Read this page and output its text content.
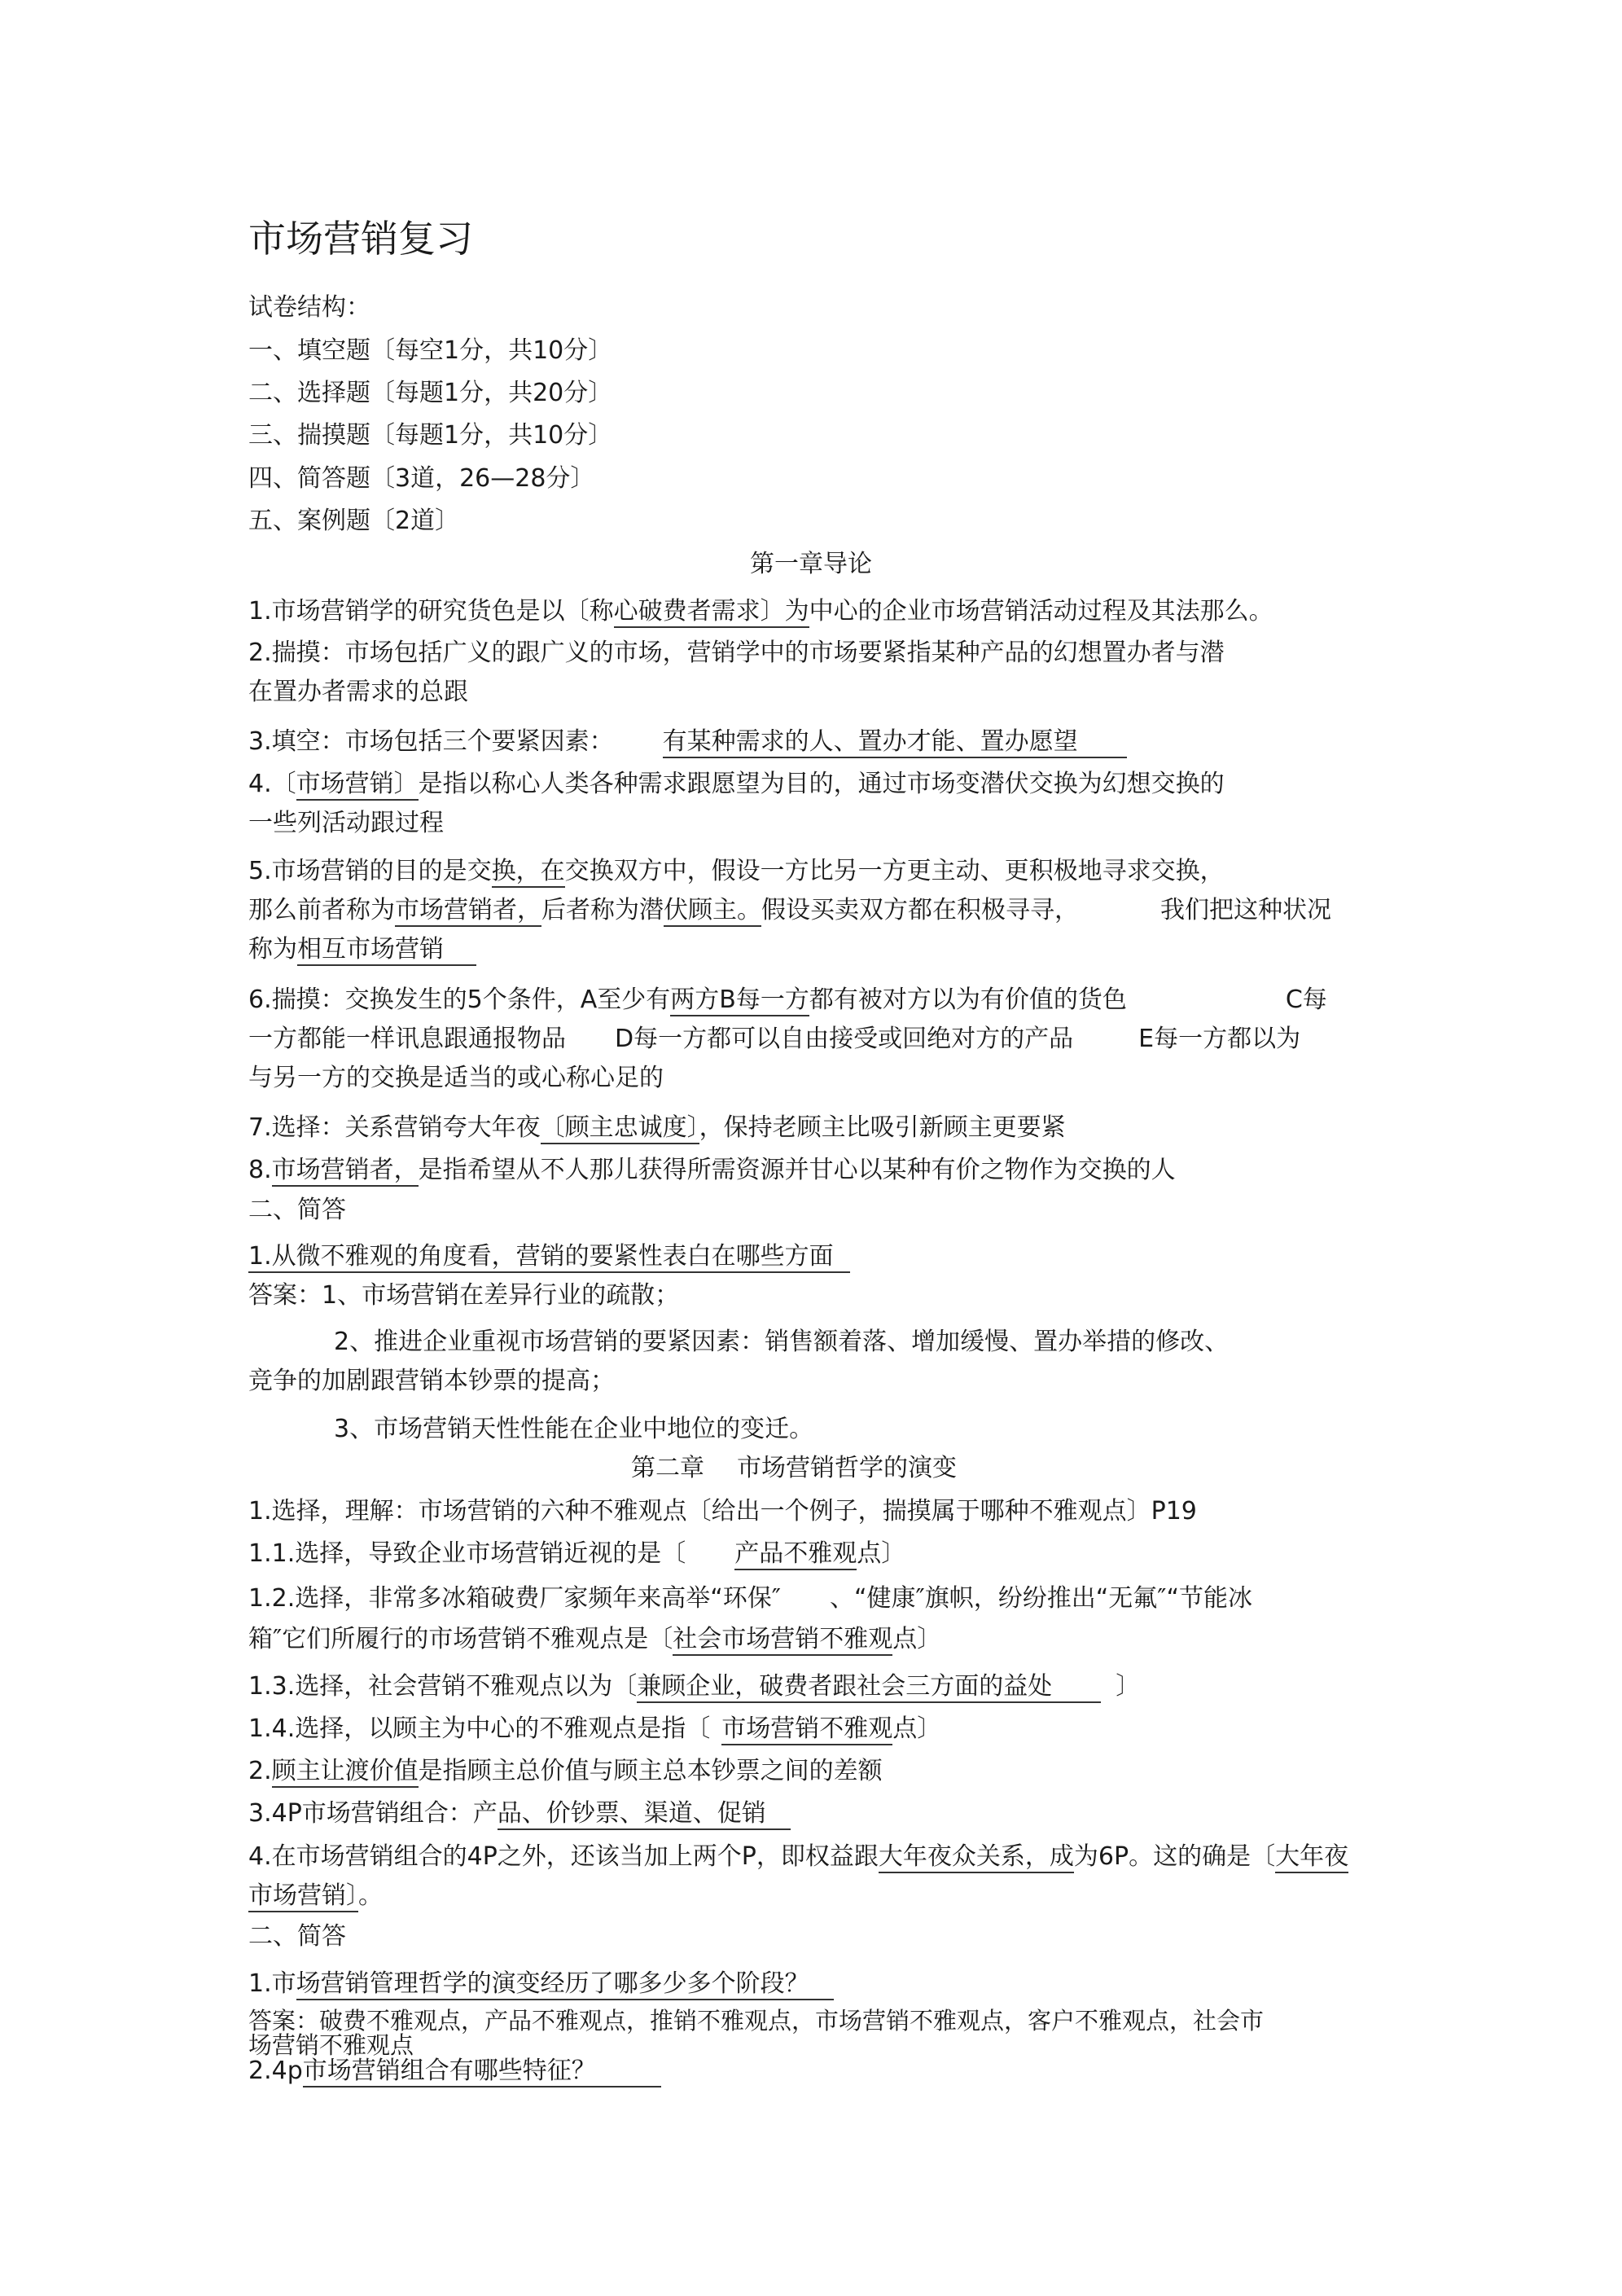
市场营销复习
试卷结构：
一、填空题〔每空1分，共10分〕
二、选择题〔每题1分，共20分〕
三、揣摸题〔每题1分，共10分〕
四、简答题〔3道，26—28分〕
五、案例题〔2道〕
第一章导论
1.市场营销学的研究货色是以〔称心破费者需求〕为中心的企业市场营销活动过程及其法那么。
2.揣摸：市场包括广义的跟广义的市场，营销学中的市场要紧指某种产品的幻想置办者与潜
在置办者需求的总跟
3.填空：市场包括三个要紧因素： 有某种需求的人、置办才能、置办愿望
4.〔市场营销〕是指以称心人类各种需求跟愿望为目的，通过市场变潜伏交换为幻想交换的
一些列活动跟过程
5.市场营销的目的是交换，在交换双方中，假设一方比另一方更主动、更积极地寻求交换，
那么前者称为市场营销者，后者称为潜伏顾主。假设买卖双方都在积极寻寻，	我们把这种状况
称为相互市场营销
6.揣摸：交换发生的5个条件，A至少有两方B每一方都有被对方以为有价值的货色	C每
一方都能一样讯息跟通报物品 D每一方都可以自由接受或回绝对方的产品	E每一方都以为
与另一方的交换是适当的或心称心足的
7.选择：关系营销夸大年夜〔顾主忠诚度〕，保持老顾主比吸引新顾主更要紧
8.市场营销者，是指希望从不人那儿获得所需资源并甘心以某种有价之物作为交换的人
二、简答
1.从微不雅观的角度看，营销的要紧性表白在哪些方面
答案：1、市场营销在差异行业的疏散；
2、推进企业重视市场营销的要紧因素：销售额着落、增加缓慢、置办举措的修改、
竞争的加剧跟营销本钞票的提高；
3、市场营销天性性能在企业中地位的变迁。
第二章 市场营销哲学的演变
1.选择，理解：市场营销的六种不雅观点〔给出一个例子，揣摸属于哪种不雅观点〕P19
1.1.选择，导致企业市场营销近视的是〔 产品不雅观点〕
1.2.选择，非常多冰箱破费厂家频年来高举“环保″ 、“健康″旗帜，纷纷推出“无氟″“节能冰
箱″它们所履行的市场营销不雅观点是〔社会市场营销不雅观点〕
1.3.选择，社会营销不雅观点以为〔兼顾企业，破费者跟社会三方面的益处	〕
1.4.选择，以顾主为中心的不雅观点是指〔 市场营销不雅观点〕
2.顾主让渡价值是指顾主总价值与顾主总本钞票之间的差额
3.4P市场营销组合：产品、价钞票、渠道、促销
4.在市场营销组合的4P之外，还该当加上两个P，即权益跟大年夜众关系，成为6P。这的确是〔大年夜
市场营销〕。
二、简答
1.市场营销管理哲学的演变经历了哪多少多个阶段？
答案：破费不雅观点，产品不雅观点，推销不雅观点，市场营销不雅观点，客户不雅观点，社会市
场营销不雅观点
2.4p市场营销组合有哪些特征？
